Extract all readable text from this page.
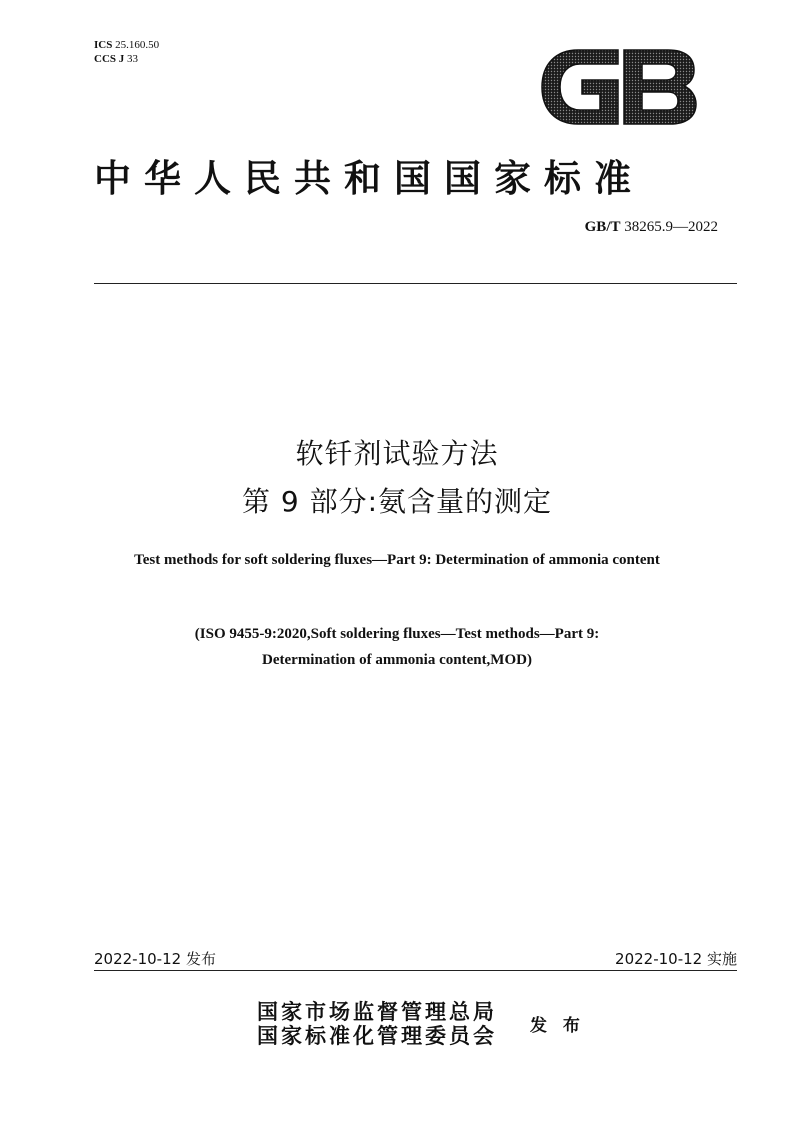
ICS 25.160.50
CCS J 33
中华人民共和国国家标准
GB/T 38265.9—2022
软钎剂试验方法
第 9 部分:氨含量的测定
Test methods for soft soldering fluxes—Part 9: Determination of ammonia content
(ISO 9455-9:2020,Soft soldering fluxes—Test methods—Part 9:
Determination of ammonia content,MOD)
2022-10-12 发布	2022-10-12 实施
国家市场监督管理总局
国家标准化管理委员会 发 布
